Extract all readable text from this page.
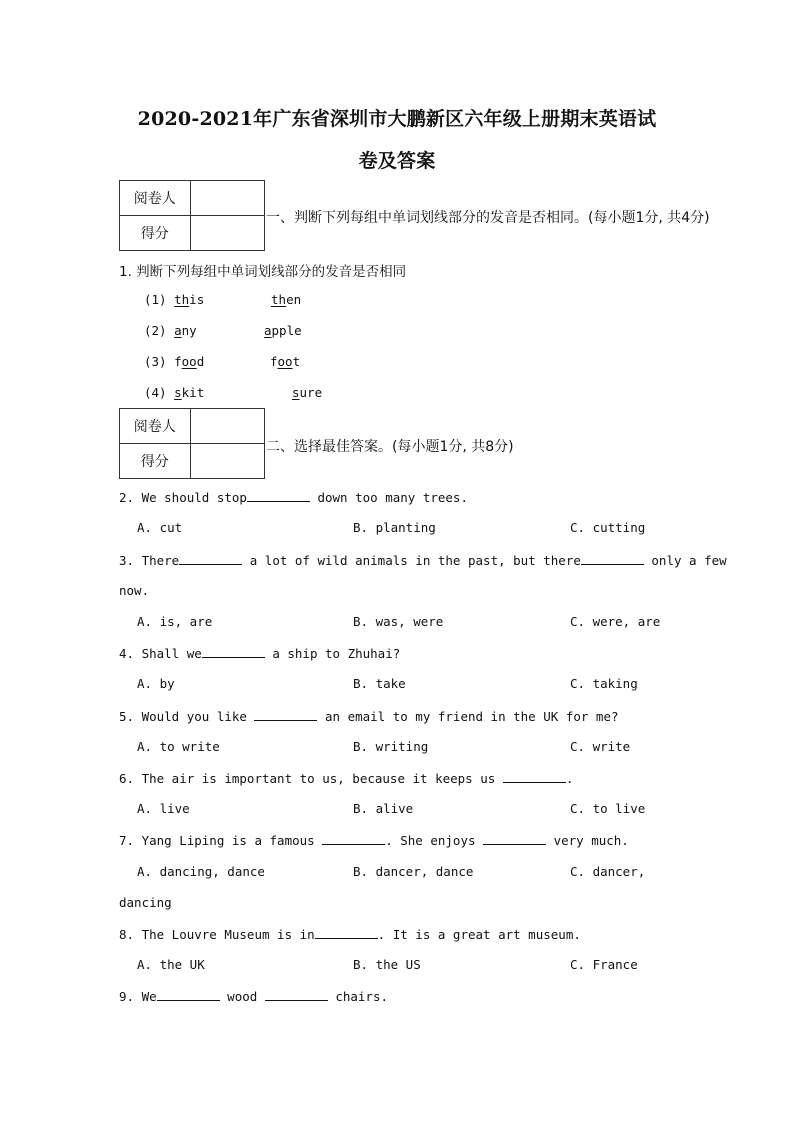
2020-2021年广东省深圳市大鹏新区六年级上册期末英语试
卷及答案
阅卷人	
得分	
一、判断下列每组中单词划线部分的发音是否相同。(每小题1分, 共4分)
1. 判断下列每组中单词划线部分的发音是否相同
(1) this	then
(2) any	apple
(3) food	foot
(4) skit	sure
阅卷人	
得分	
二、选择最佳答案。(每小题1分, 共8分)
2. We should stop	down too many trees.
A. cut	B. planting	C. cutting
3. There	a lot of wild animals in the past, but there	only a few
now.
A. is, are	B. was, were	C. were, are
4. Shall we	a ship to Zhuhai?
A. by	B. take	C. taking
5. Would you like	an email to my friend in the UK for me?
A. to write	B. writing	C. write
6. The air is important to us, because it keeps us	.
A. live	B. alive	C. to live
7. Yang Liping is a famous	. She enjoys	very much.
A. dancing, dance	B. dancer, dance	C. dancer,
dancing
8. The Louvre Museum is in	. It is a great art museum.
A. the UK	B. the US	C. France
9. We	wood	chairs.
